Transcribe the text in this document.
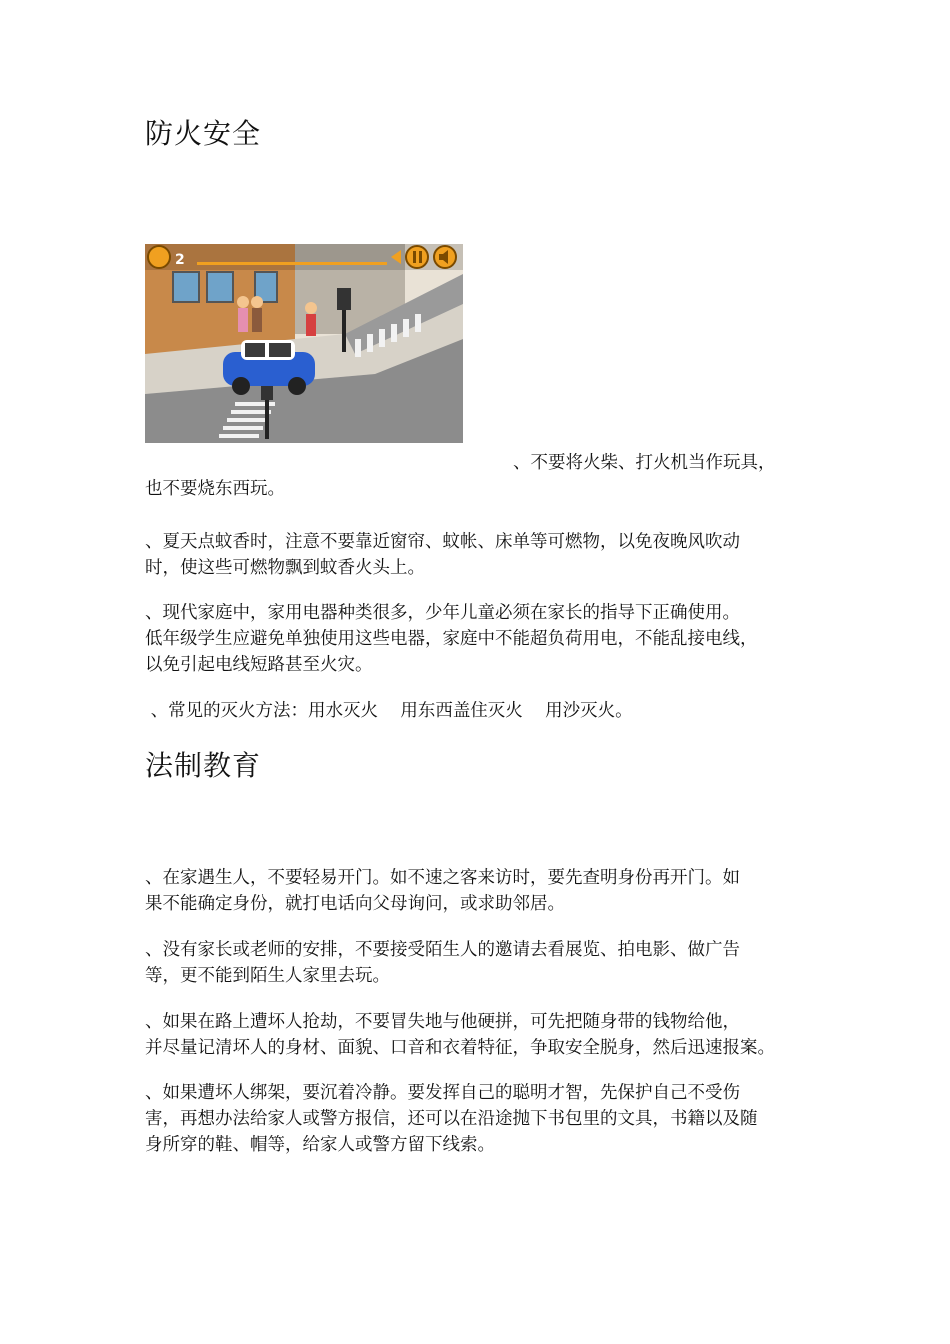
防火安全
2

、不要将火柴、打火机当作玩具，
也不要烧东西玩。

、夏天点蚊香时，注意不要靠近窗帘、蚊帐、床单等可燃物，以免夜晚风吹动
时，使这些可燃物飘到蚊香火头上。

、现代家庭中，家用电器种类很多，少年儿童必须在家长的指导下正确使用。
低年级学生应避免单独使用这些电器，家庭中不能超负荷用电，不能乱接电线，
以免引起电线短路甚至火灾。

、常见的灭火方法：用水灭火    用东西盖住灭火    用沙灭火。

法制教育

、在家遇生人，不要轻易开门。如不速之客来访时，要先查明身份再开门。如
果不能确定身份，就打电话向父母询问，或求助邻居。

、没有家长或老师的安排，不要接受陌生人的邀请去看展览、拍电影、做广告
等，更不能到陌生人家里去玩。

、如果在路上遭坏人抢劫，不要冒失地与他硬拼，可先把随身带的钱物给他，
并尽量记清坏人的身材、面貌、口音和衣着特征，争取安全脱身，然后迅速报案。

、如果遭坏人绑架，要沉着冷静。要发挥自己的聪明才智，先保护自己不受伤
害，再想办法给家人或警方报信，还可以在沿途抛下书包里的文具，书籍以及随
身所穿的鞋、帽等，给家人或警方留下线索。
